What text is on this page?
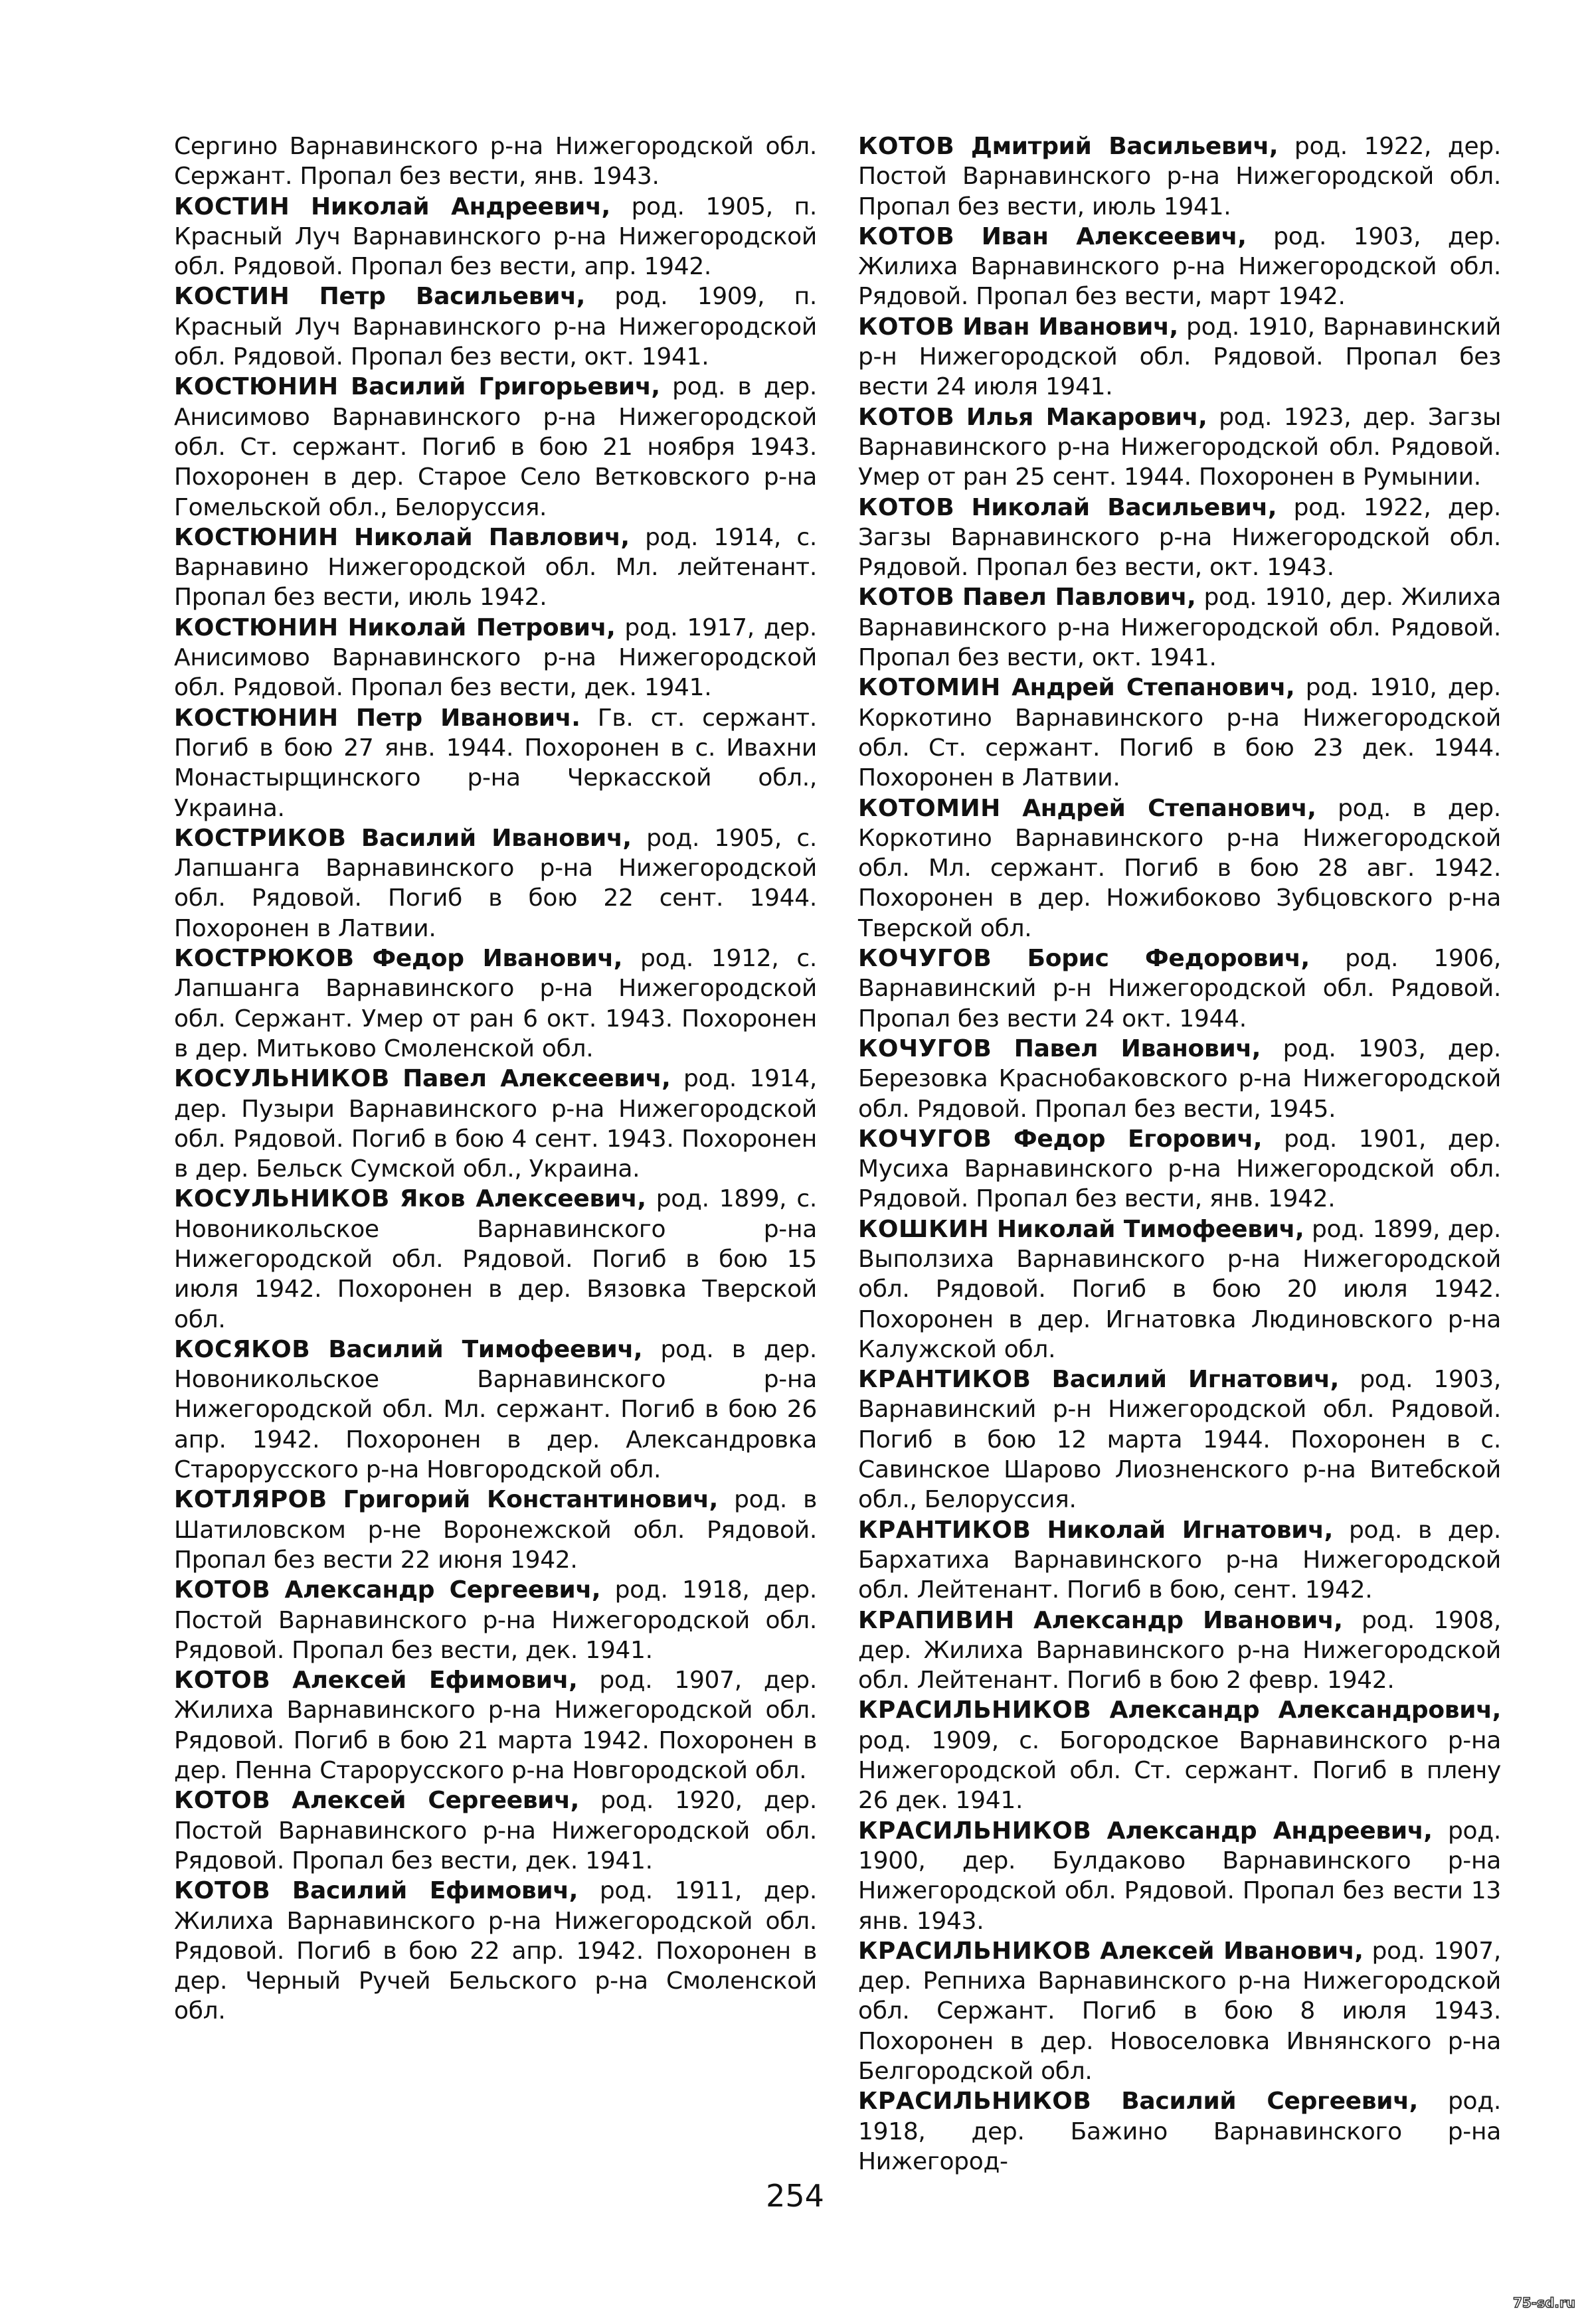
Сергино Варнавинского р-на Нижегородской обл. Сержант. Пропал без вести, янв. 1943.

КОСТИН Николай Андреевич, род. 1905, п. Красный Луч Варнавинского р-на Нижегородской обл. Рядовой. Пропал без вести, апр. 1942.

КОСТИН Петр Васильевич, род. 1909, п. Красный Луч Варнавинского р-на Нижегородской обл. Рядовой. Пропал без вести, окт. 1941.

КОСТЮНИН Василий Григорьевич, род. в дер. Анисимово Варнавинского р-на Нижегородской обл. Ст. сержант. Погиб в бою 21 ноября 1943. Похоронен в дер. Старое Село Ветковского р-на Гомельской обл., Белоруссия.

КОСТЮНИН Николай Павлович, род. 1914, с. Варнавино Нижегородской обл. Мл. лейтенант. Пропал без вести, июль 1942.

КОСТЮНИН Николай Петрович, род. 1917, дер. Анисимово Варнавинского р-на Нижегородской обл. Рядовой. Пропал без вести, дек. 1941.

КОСТЮНИН Петр Иванович. Гв. ст. сержант. Погиб в бою 27 янв. 1944. Похоронен в с. Ивахни Монастырщинского р-на Черкасской обл., Украина.

КОСТРИКОВ Василий Иванович, род. 1905, с. Лапшанга Варнавинского р-на Нижегородской обл. Рядовой. Погиб в бою 22 сент. 1944. Похоронен в Латвии.

КОСТРЮКОВ Федор Иванович, род. 1912, с. Лапшанга Варнавинского р-на Нижегородской обл. Сержант. Умер от ран 6 окт. 1943. Похоронен в дер. Митьково Смоленской обл.

КОСУЛЬНИКОВ Павел Алексеевич, род. 1914, дер. Пузыри Варнавинского р-на Нижегородской обл. Рядовой. Погиб в бою 4 сент. 1943. Похоронен в дер. Бельск Сумской обл., Украина.

КОСУЛЬНИКОВ Яков Алексеевич, род. 1899, с. Новоникольское Варнавинского р-на Нижегородской обл. Рядовой. Погиб в бою 15 июля 1942. Похоронен в дер. Вязовка Тверской обл.

КОСЯКОВ Василий Тимофеевич, род. в дер. Новоникольское Варнавинского р-на Нижегородской обл. Мл. сержант. Погиб в бою 26 апр. 1942. Похоронен в дер. Александровка Старорусского р-на Новгородской обл.

КОТЛЯРОВ Григорий Константинович, род. в Шатиловском р-не Воронежской обл. Рядовой. Пропал без вести 22 июня 1942.

КОТОВ Александр Сергеевич, род. 1918, дер. Постой Варнавинского р-на Нижегородской обл. Рядовой. Пропал без вести, дек. 1941.

КОТОВ Алексей Ефимович, род. 1907, дер. Жилиха Варнавинского р-на Нижегородской обл. Рядовой. Погиб в бою 21 марта 1942. Похоронен в дер. Пенна Старорусского р-на Новгородской обл.

КОТОВ Алексей Сергеевич, род. 1920, дер. Постой Варнавинского р-на Нижегородской обл. Рядовой. Пропал без вести, дек. 1941.

КОТОВ Василий Ефимович, род. 1911, дер. Жилиха Варнавинского р-на Нижегородской обл. Рядовой. Погиб в бою 22 апр. 1942. Похоронен в дер. Черный Ручей Бельского р-на Смоленской обл.

КОТОВ Дмитрий Васильевич, род. 1922, дер. Постой Варнавинского р-на Нижегородской обл. Пропал без вести, июль 1941.

КОТОВ Иван Алексеевич, род. 1903, дер. Жилиха Варнавинского р-на Нижегородской обл. Рядовой. Пропал без вести, март 1942.

КОТОВ Иван Иванович, род. 1910, Варнавинский р-н Нижегородской обл. Рядовой. Пропал без вести 24 июля 1941.

КОТОВ Илья Макарович, род. 1923, дер. Загзы Варнавинского р-на Нижегородской обл. Рядовой. Умер от ран 25 сент. 1944. Похоронен в Румынии.

КОТОВ Николай Васильевич, род. 1922, дер. Загзы Варнавинского р-на Нижегородской обл. Рядовой. Пропал без вести, окт. 1943.

КОТОВ Павел Павлович, род. 1910, дер. Жилиха Варнавинского р-на Нижегородской обл. Рядовой. Пропал без вести, окт. 1941.

КОТОМИН Андрей Степанович, род. 1910, дер. Коркотино Варнавинского р-на Нижегородской обл. Ст. сержант. Погиб в бою 23 дек. 1944. Похоронен в Латвии.

КОТОМИН Андрей Степанович, род. в дер. Коркотино Варнавинского р-на Нижегородской обл. Мл. сержант. Погиб в бою 28 авг. 1942. Похоронен в дер. Ножибоково Зубцовского р-на Тверской обл.

КОЧУГОВ Борис Федорович, род. 1906, Варнавинский р-н Нижегородской обл. Рядовой. Пропал без вести 24 окт. 1944.

КОЧУГОВ Павел Иванович, род. 1903, дер. Березовка Краснобаковского р-на Нижегородской обл. Рядовой. Пропал без вести, 1945.

КОЧУГОВ Федор Егорович, род. 1901, дер. Мусиха Варнавинского р-на Нижегородской обл. Рядовой. Пропал без вести, янв. 1942.

КОШКИН Николай Тимофеевич, род. 1899, дер. Выползиха Варнавинского р-на Нижегородской обл. Рядовой. Погиб в бою 20 июля 1942. Похоронен в дер. Игнатовка Людиновского р-на Калужской обл.

КРАНТИКОВ Василий Игнатович, род. 1903, Варнавинский р-н Нижегородской обл. Рядовой. Погиб в бою 12 марта 1944. Похоронен в с. Савинское Шарово Лиозненского р-на Витебской обл., Белоруссия.

КРАНТИКОВ Николай Игнатович, род. в дер. Бархатиха Варнавинского р-на Нижегородской обл. Лейтенант. Погиб в бою, сент. 1942.

КРАПИВИН Александр Иванович, род. 1908, дер. Жилиха Варнавинского р-на Нижегородской обл. Лейтенант. Погиб в бою 2 февр. 1942.

КРАСИЛЬНИКОВ Александр Александрович, род. 1909, с. Богородское Варнавинского р-на Нижегородской обл. Ст. сержант. Погиб в плену 26 дек. 1941.

КРАСИЛЬНИКОВ Александр Андреевич, род. 1900, дер. Булдаково Варнавинского р-на Нижегородской обл. Рядовой. Пропал без вести 13 янв. 1943.

КРАСИЛЬНИКОВ Алексей Иванович, род. 1907, дер. Репниха Варнавинского р-на Нижегородской обл. Сержант. Погиб в бою 8 июля 1943. Похоронен в дер. Новоселовка Ивнянского р-на Белгородской обл.

КРАСИЛЬНИКОВ Василий Сергеевич, род. 1918, дер. Бажино Варнавинского р-на Нижегород-

254
75-sd.ru
